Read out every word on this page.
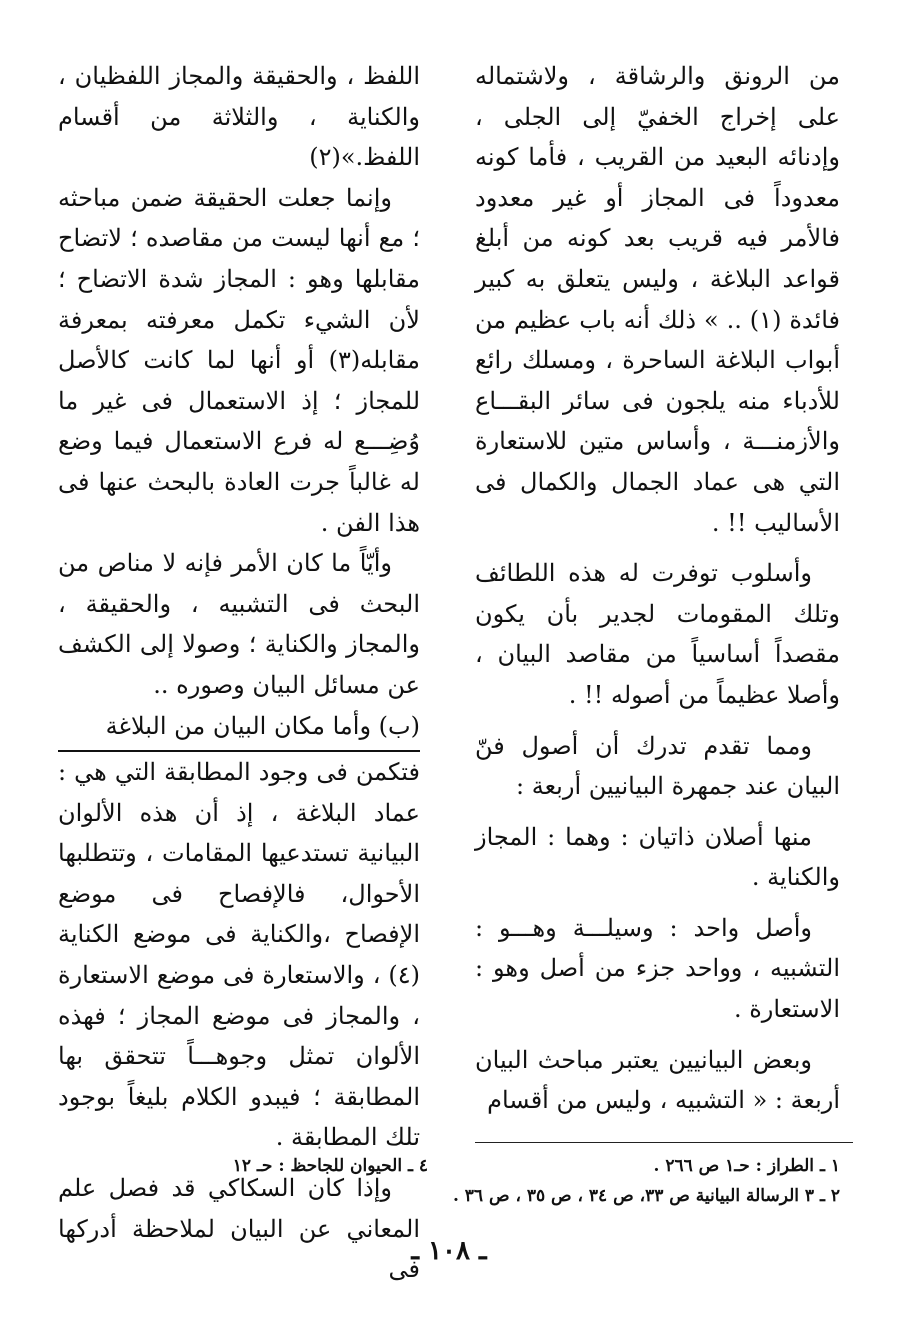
من الرونق والرشاقة ، ولاشتماله على إخراج الخفيّ إلى الجلى ، وإدنائه البعيد من القريب ، فأما كونه معدوداً فى المجاز أو غير معدود فالأمر فيه قريب بعد كونه من أبلغ قواعد البلاغة ، وليس يتعلق به كبير فائدة (١) .. » ذلك أنه باب عظيم من أبواب البلاغة الساحرة ، ومسلك رائع للأدباء منه يلجون فى سائر البقـــاع والأزمنـــة ، وأساس متين للاستعارة التي هى عماد الجمال والكمال فى الأساليب !! .

وأسلوب توفرت له هذه اللطائف وتلك المقومات لجدير بأن يكون مقصداً أساسياً من مقاصد البيان ، وأصلا عظيماً من أصوله !! .

ومما تقدم تدرك أن أصول فنّ البيان عند جمهرة البيانيين أربعة :

منها أصلان ذاتيان : وهما : المجاز والكناية .

وأصل واحد : وسيلـــة وهـــو : التشبيه ، وواحد جزء من أصل وهو : الاستعارة .

وبعض البيانيين يعتبر مباحث البيان أربعة : « التشبيه ، وليس من أقسام

اللفظ ، والحقيقة والمجاز اللفظيان ، والكناية ، والثلاثة من أقسام اللفظ.»(٢)

وإنما جعلت الحقيقة ضمن مباحثه ؛ مع أنها ليست من مقاصده ؛ لاتضاح مقابلها وهو : المجاز شدة الاتضاح ؛ لأن الشيء تكمل معرفته بمعرفة مقابله(٣) أو أنها لما كانت كالأصل للمجاز ؛ إذ الاستعمال فى غير ما وُضِـــع له فرع الاستعمال فيما وضع له غالباً جرت العادة بالبحث عنها فى هذا الفن .

وأيّاً ما كان الأمر فإنه لا مناص من البحث فى التشبيه ، والحقيقة ، والمجاز والكناية ؛ وصولا إلى الكشف عن مسائل البيان وصوره ..

(ب) وأما مكان البيان من البلاغة

فتكمن فى وجود المطابقة التي هي : عماد البلاغة ، إذ أن هذه الألوان البيانية تستدعيها المقامات ، وتتطلبها الأحوال، فالإفصاح فى موضع الإفصاح ،والكناية فى موضع الكناية (٤) ، والاستعارة فى موضع الاستعارة ، والمجاز فى موضع المجاز ؛ فهذه الألوان تمثل وجوهـــاً تتحقق بها المطابقة ؛ فيبدو الكلام بليغاً بوجود تلك المطابقة .

وإذا كان السكاكي قد فصل علم المعاني عن البيان لملاحظة أدركها فى

١ ـ الطراز : حـ١ ص ٢٦٦ .
٤ ـ الحيوان للجاحظ : حـ ١٢
٢ ـ ٣ الرسالة البيانية ص ٣٣، ص ٣٤ ، ص ٣٥ ، ص ٣٦ .
ـ ١٠٨ ـ
